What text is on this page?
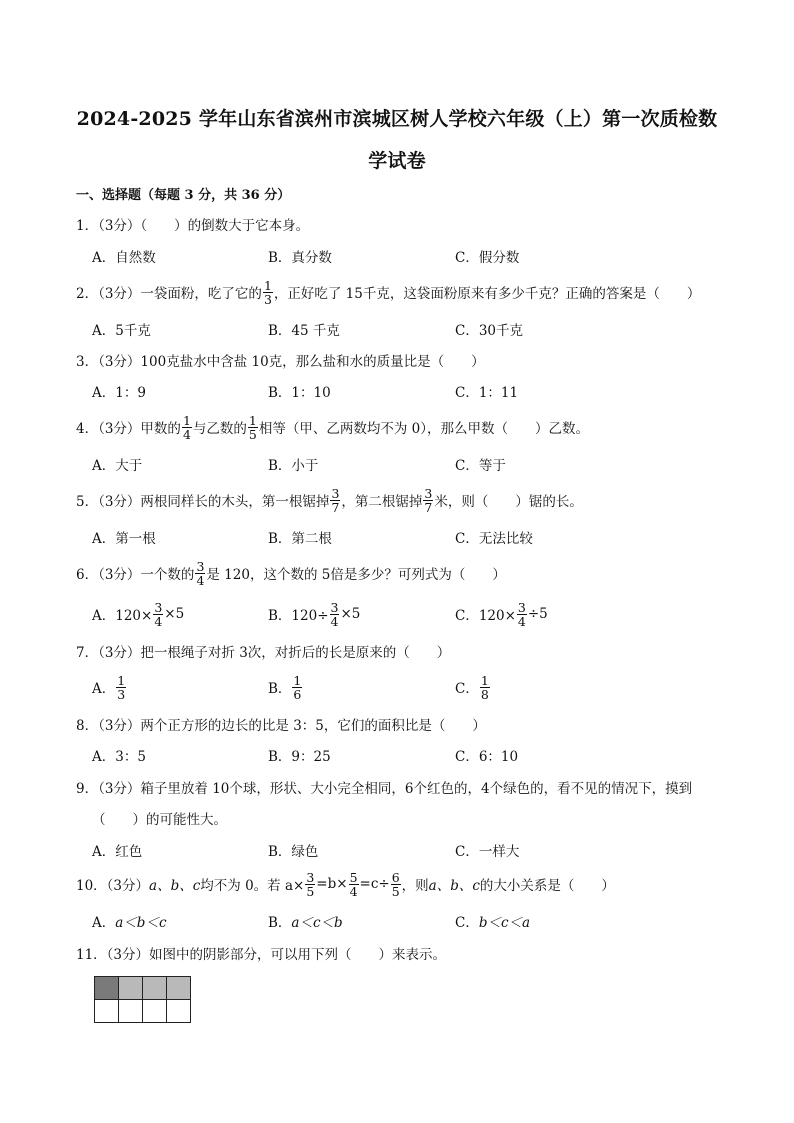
2024-2025 学年山东省滨州市滨城区树人学校六年级（上）第一次质检数
学试卷
一、选择题（每题 3 分，共 36 分）
1．（3分）（　　）的倒数大于它本身。
A．自然数	B．真分数	C．假分数
2．（3分）一袋面粉，吃了它的 $\frac{1}{3}$ ，正好吃了 15千克，这袋面粉原来有多少千克？正确的答案是（　　）
A．5千克	B．45 千克	C．30千克
3．（3分）100克盐水中含盐 10克，那么盐和水的质量比是（　　）
A．1：9	B．1：10	C．1：11
4．（3分）甲数的 $\frac{1}{4}$ 与乙数的 $\frac{1}{5}$ 相等（甲、乙两数均不为 0），那么甲数（　　）乙数。
A．大于	B．小于	C．等于
5．（3分）两根同样长的木头，第一根锯掉 $\frac{3}{7}$ ，第二根锯掉 $\frac{3}{7}$ 米，则（　　）锯的长。
A．第一根	B．第二根	C．无法比较
6．（3分）一个数的 $\frac{3}{4}$ 是 120，这个数的 5倍是多少？可列式为（　　）
A．$120\times \frac{3}{4} \times 5$	B．$120\div \frac{3}{4} \times 5$	C．$120\times \frac{3}{4} \div 5$
7．（3分）把一根绳子对折 3次，对折后的长是原来的（　　）
A． $\frac{1}{3}$	B． $\frac{1}{6}$	C． $\frac{1}{8}$
8．（3分）两个正方形的边长的比是 3：5，它们的面积比是（　　）
A．3：5	B．9：25	C．6：10
9．（3分）箱子里放着 10个球，形状、大小完全相同，6个红色的，4个绿色的，看不见的情况下，摸到
（　　）的可能性大。
A．红色	B．绿色	C．一样大
10．（3分） a、b、c 均不为 0。若 $a\times \frac{3}{5} =b\times \frac{5}{4} =c\div \frac{6}{5}$ ，则 a、b、c 的大小关系是（　　）
A． a＜b＜c	B． a＜c＜b	C． b＜c＜a
11．（3分）如图中的阴影部分，可以用下列（　　）来表示。
